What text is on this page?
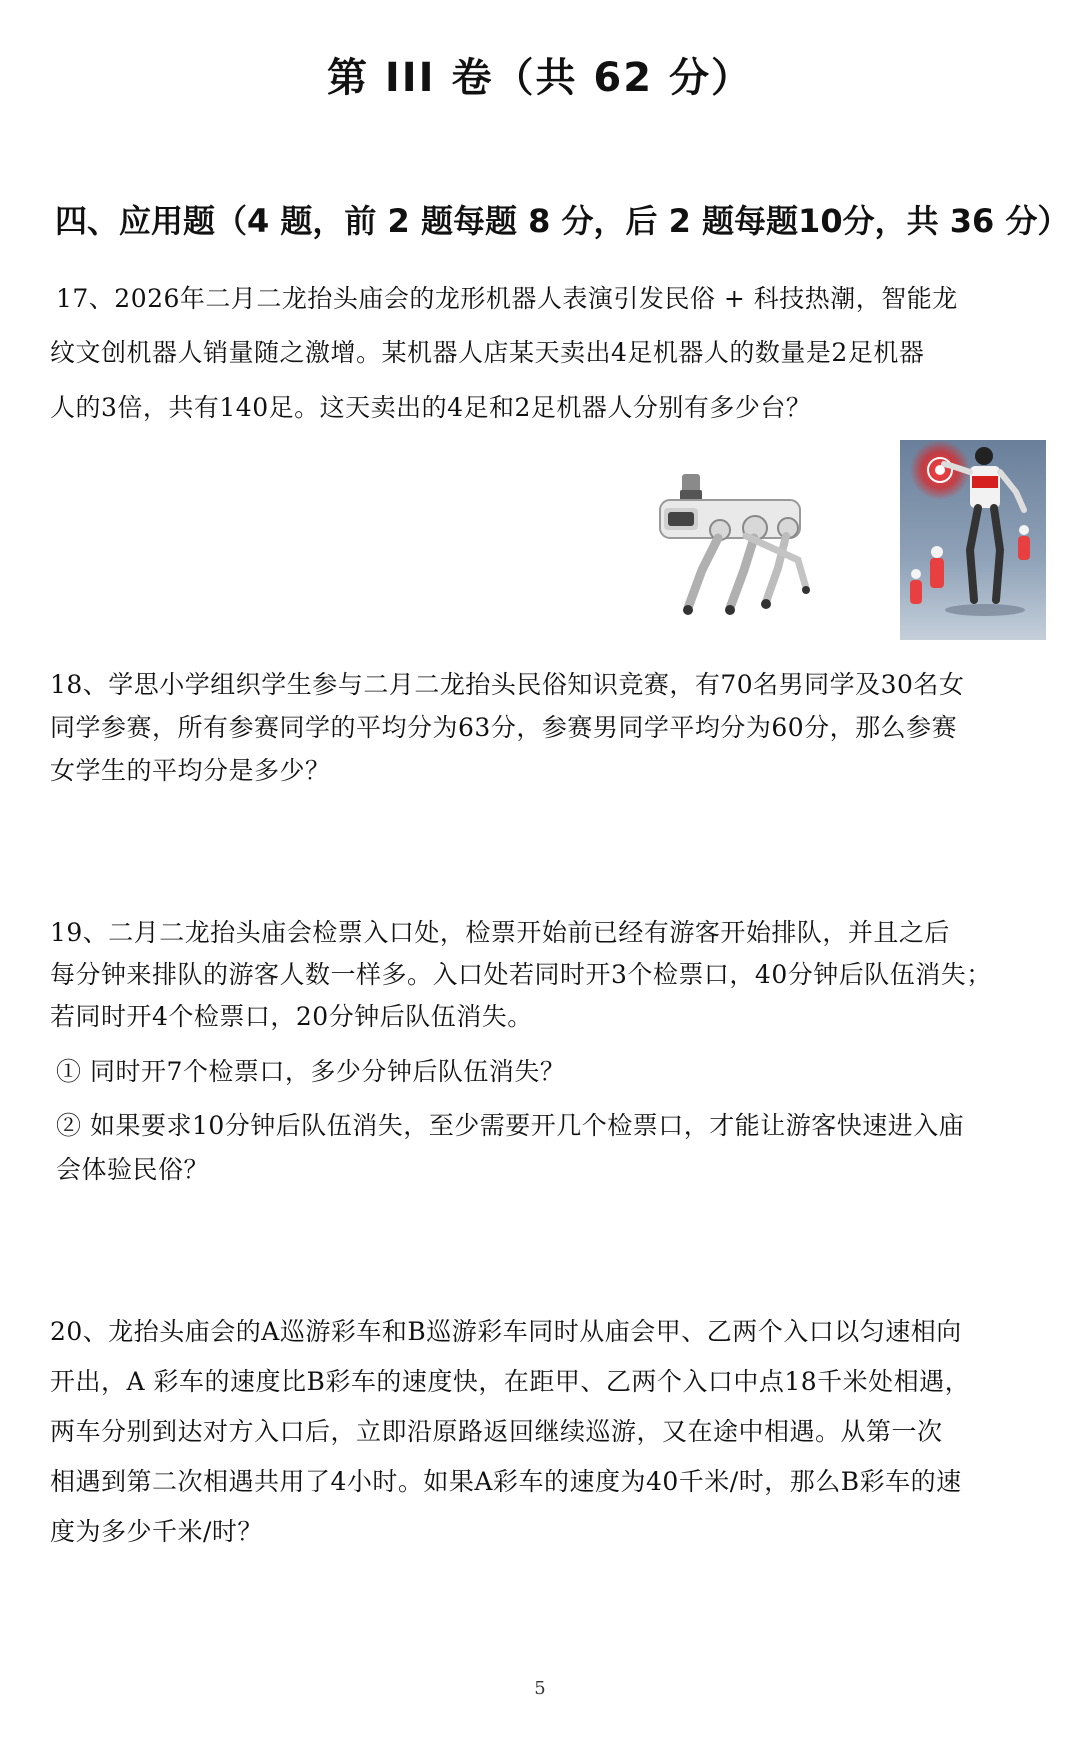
第 III 卷（共 62 分）
四、应用题（4 题，前 2 题每题 8 分，后 2 题每题10分，共 36 分）
17、2026年二月二龙抬头庙会的龙形机器人表演引发民俗 + 科技热潮，智能龙
纹文创机器人销量随之激增。某机器人店某天卖出4足机器人的数量是2足机器
人的3倍，共有140足。这天卖出的4足和2足机器人分别有多少台？
18、学思小学组织学生参与二月二龙抬头民俗知识竞赛，有70名男同学及30名女
同学参赛，所有参赛同学的平均分为63分，参赛男同学平均分为60分，那么参赛
女学生的平均分是多少？
19、二月二龙抬头庙会检票入口处，检票开始前已经有游客开始排队，并且之后
每分钟来排队的游客人数一样多。入口处若同时开3个检票口，40分钟后队伍消失；
若同时开4个检票口，20分钟后队伍消失。
① 同时开7个检票口，多少分钟后队伍消失？
② 如果要求10分钟后队伍消失，至少需要开几个检票口，才能让游客快速进入庙
会体验民俗？
20、龙抬头庙会的A巡游彩车和B巡游彩车同时从庙会甲、乙两个入口以匀速相向
开出，A 彩车的速度比B彩车的速度快，在距甲、乙两个入口中点18千米处相遇，
两车分别到达对方入口后，立即沿原路返回继续巡游，又在途中相遇。从第一次
相遇到第二次相遇共用了4小时。如果A彩车的速度为40千米/时，那么B彩车的速
度为多少千米/时？
5
